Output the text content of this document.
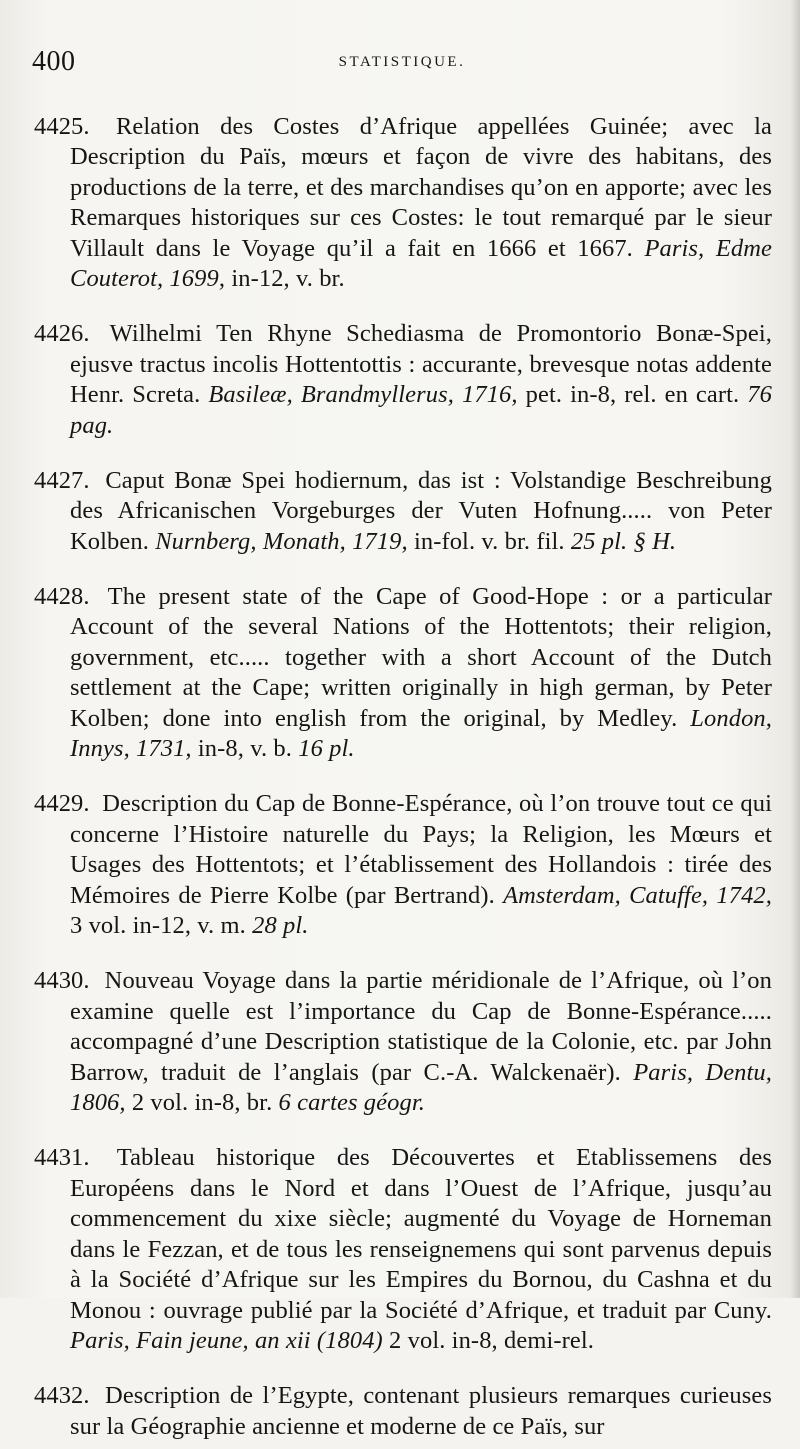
400	STATISTIQUE.

4425. Relation des Costes d’Afrique appellées Guinée; avec la Description du Païs, mœurs et façon de vivre des habitans, des productions de la terre, et des marchandises qu’on en apporte; avec les Remarques historiques sur ces Costes: le tout remarqué par le sieur Villault dans le Voyage qu’il a fait en 1666 et 1667. Paris, Edme Couterot, 1699, in-12, v. br.

4426. Wilhelmi Ten Rhyne Schediasma de Promontorio Bonæ-Spei, ejusve tractus incolis Hottentottis : accurante, brevesque notas addente Henr. Screta. Basileæ, Brandmyllerus, 1716, pet. in-8, rel. en cart. 76 pag.

4427. Caput Bonæ Spei hodiernum, das ist : Volstandige Beschreibung des Africanischen Vorgeburges der Vuten Hofnung..... von Peter Kolben. Nurnberg, Monath, 1719, in-fol. v. br. fil. 25 pl. § H.

4428. The present state of the Cape of Good-Hope : or a particular Account of the several Nations of the Hottentots; their religion, government, etc..... together with a short Account of the Dutch settlement at the Cape; written originally in high german, by Peter Kolben; done into english from the original, by Medley. London, Innys, 1731, in-8, v. b. 16 pl.

4429. Description du Cap de Bonne-Espérance, où l’on trouve tout ce qui concerne l’Histoire naturelle du Pays; la Religion, les Mœurs et Usages des Hottentots; et l’établissement des Hollandois : tirée des Mémoires de Pierre Kolbe (par Bertrand). Amsterdam, Catuffe, 1742, 3 vol. in-12, v. m. 28 pl.

4430. Nouveau Voyage dans la partie méridionale de l’Afrique, où l’on examine quelle est l’importance du Cap de Bonne-Espérance..... accompagné d’une Description statistique de la Colonie, etc. par John Barrow, traduit de l’anglais (par C.-A. Walckenaër). Paris, Dentu, 1806, 2 vol. in-8, br. 6 cartes géogr.

4431. Tableau historique des Découvertes et Etablissemens des Européens dans le Nord et dans l’Ouest de l’Afrique, jusqu’au commencement du xixe siècle; augmenté du Voyage de Horneman dans le Fezzan, et de tous les renseignemens qui sont parvenus depuis à la Société d’Afrique sur les Empires du Bornou, du Cashna et du Monou : ouvrage publié par la Société d’Afrique, et traduit par Cuny. Paris, Fain jeune, an xii (1804) 2 vol. in-8, demi-rel.

4432. Description de l’Egypte, contenant plusieurs remarques curieuses sur la Géographie ancienne et moderne de ce Païs, sur
